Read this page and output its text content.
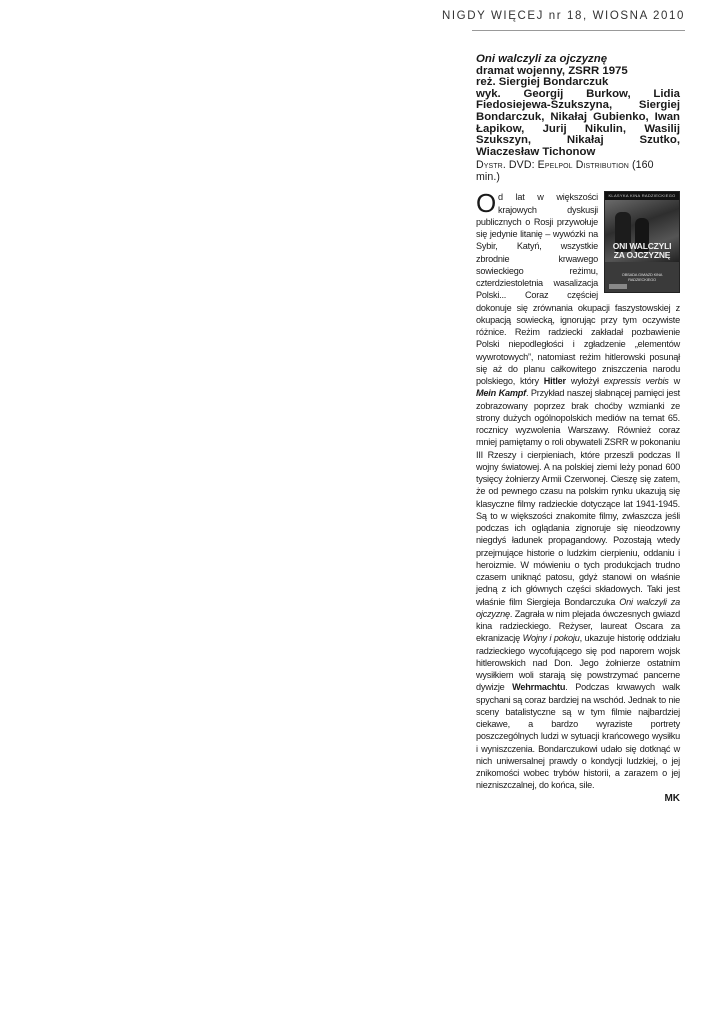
NIGDY WIĘCEJ nr 18, WIOSNA 2010

Oni walczyli za ojczyznę

dramat wojenny, ZSRR 1975

reż. Siergiej Bondarczuk

wyk. Georgij Burkow, Lidia Fiedosiejewa-Szukszyna, Siergiej Bondarczuk, Nikałaj Gubienko, Iwan Łapikow, Jurij Nikulin, Wasilij Szukszyn, Nikałaj Szutko, Wiaczesław Tichonow

Dystr. DVD: Epelpol Distribution (160 min.)
KLASYKA KINA RADZIECKIEGO
ONI WALCZYLI
ZA OJCZYZNĘ
OBSADA GWIAZD KINA RADZIECKIEGO
O d lat w większości krajowych dyskusji publicznych o Rosji przywołuje się jedynie litanię – wywózki na Sybir, Katyń, wszystkie zbrodnie krwawego sowieckiego reżimu, czterdziestoletnia wasalizacja Polski... Coraz częściej dokonuje się zrównania okupacji faszystowskiej z okupacją sowiecką, ignorując przy tym oczywiste różnice. Reżim radziecki zakładał pozbawienie Polski niepodległości i zgładzenie „elementów wywrotowych”, natomiast reżim hitlerowski posunął się aż do planu całkowitego zniszczenia narodu polskiego, który Hitler wyłożył expressis verbis w Mein Kampf. Przykład naszej słabnącej pamięci jest zobrazowany poprzez brak choćby wzmianki ze strony dużych ogólnopolskich mediów na temat 65. rocznicy wyzwolenia Warszawy. Również coraz mniej pamiętamy o roli obywateli ZSRR w pokonaniu III Rzeszy i cierpieniach, które przeszli podczas II wojny światowej. A na polskiej ziemi leży ponad 600 tysięcy żołnierzy Armii Czerwonej. Cieszę się zatem, że od pewnego czasu na polskim rynku ukazują się klasyczne filmy radzieckie dotyczące lat 1941-1945. Są to w większości znakomite filmy, zwłaszcza jeśli podczas ich oglądania zignoruje się nieodzowny niegdyś ładunek propagandowy. Pozostają wtedy przejmujące historie o ludzkim cierpieniu, oddaniu i heroizmie. W mówieniu o tych produkcjach trudno czasem uniknąć patosu, gdyż stanowi on właśnie jedną z ich głównych części składowych. Taki jest właśnie film Siergieja Bondarczuka Oni walczyli za ojczyznę. Zagrała w nim plejada ówczesnych gwiazd kina radzieckiego. Reżyser, laureat Oscara za ekranizację Wojny i pokoju, ukazuje historię oddziału radzieckiego wycofującego się pod naporem wojsk hitlerowskich nad Don. Jego żołnierze ostatnim wysiłkiem woli starają się powstrzymać pancerne dywizje Wehrmachtu. Podczas krwawych walk spychani są coraz bardziej na wschód. Jednak to nie sceny batalistyczne są w tym filmie najbardziej ciekawe, a bardzo wyraziste portrety poszczególnych ludzi w sytuacji krańcowego wysiłku i wyniszczenia. Bondarczukowi udało się dotknąć w nich uniwersalnej prawdy o kondycji ludzkiej, o jej znikomości wobec trybów historii, a zarazem o jej niezniszczalnej, do końca, sile.
MK
